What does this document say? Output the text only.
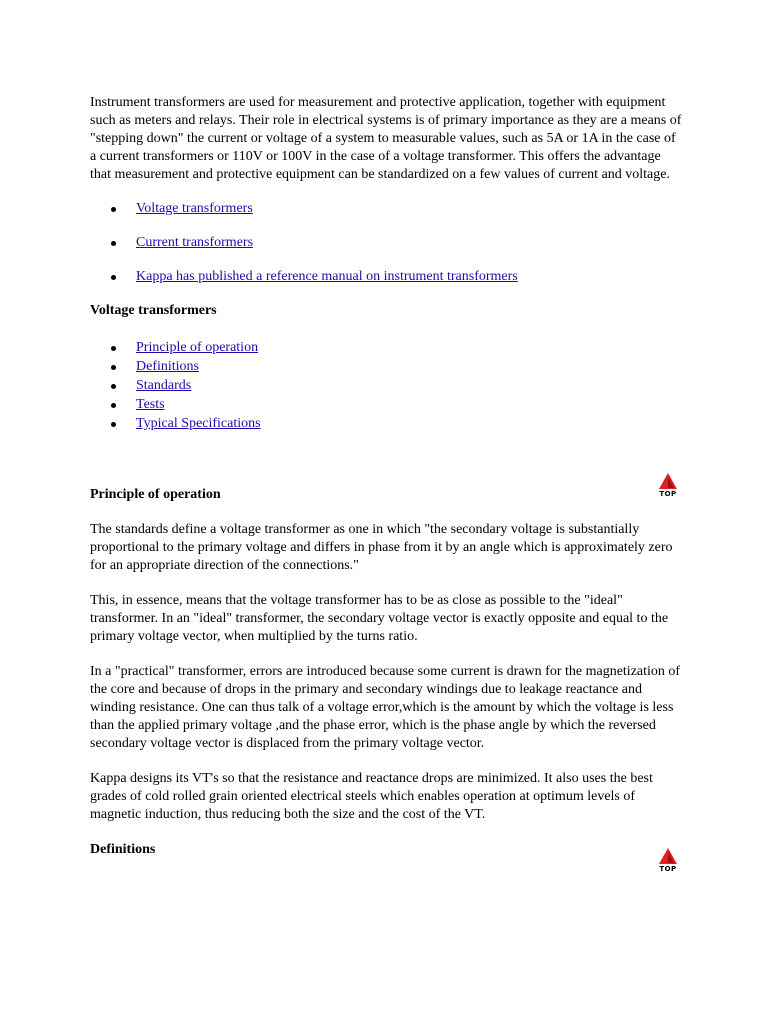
Instrument transformers are used for measurement and protective application, together with equipment such as meters and relays. Their role in electrical systems is of primary importance as they are a means of "stepping down" the current or voltage of a system to measurable values, such as 5A or 1A in the case of a current transformers or 110V or 100V in the case of a voltage transformer. This offers the advantage that measurement and protective equipment can be standardized on a few values of current and voltage.

Voltage transformers
Current transformers
Kappa has published a reference manual on instrument transformers
Voltage transformers
Principle of operation
Definitions
Standards
Tests
Typical Specifications
Principle of operation

The standards define a voltage transformer as one in which "the secondary voltage is substantially proportional to the primary voltage and differs in phase from it by an angle which is approximately zero for an appropriate direction of the connections."

This, in essence, means that the voltage transformer has to be as close as possible to the "ideal" transformer. In an "ideal" transformer, the secondary voltage vector is exactly opposite and equal to the primary voltage vector, when multiplied by the turns ratio.

In a "practical" transformer, errors are introduced because some current is drawn for the magnetization of the core and because of drops in the primary and secondary windings due to leakage reactance and winding resistance. One can thus talk of a voltage error,which is the amount by which the voltage is less than the applied primary voltage ,and the phase error, which is the phase angle by which the reversed secondary voltage vector is displaced from the primary voltage vector.

Kappa designs its VT's so that the resistance and reactance drops are minimized. It also uses the best grades of cold rolled grain oriented electrical steels which enables operation at optimum levels of magnetic induction, thus reducing both the size and the cost of the VT.

Definitions
TOP
TOP
